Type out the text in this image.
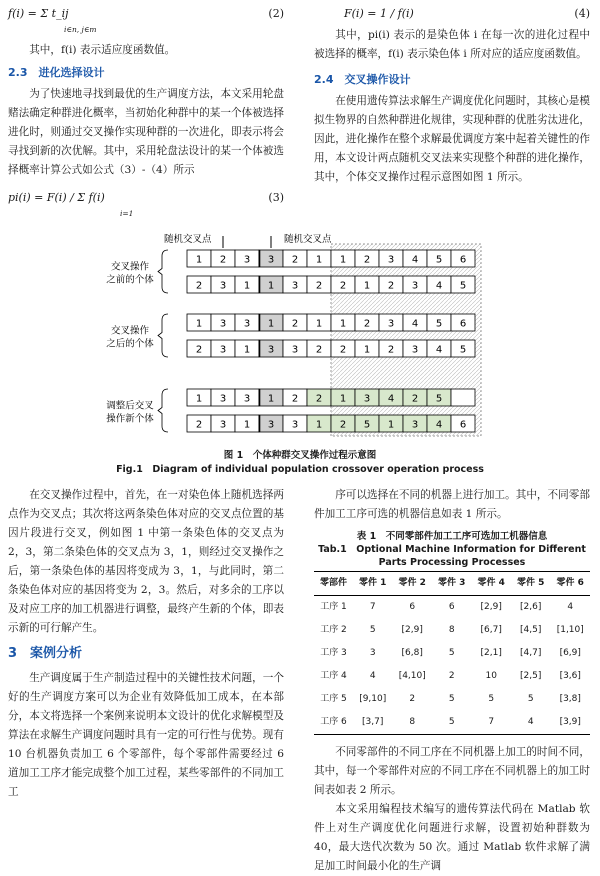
f(i) = Σ t_ij	(2)
i∈n, j∈m

其中，f(i) 表示适应度函数值。

2.3　进化选择设计

为了快速地寻找到最优的生产调度方法，本文采用轮盘赌法确定种群进化概率，当初始化种群中的某一个体被选择进化时，则通过交叉操作实现种群的一次进化，即表示将会寻找到新的次优解。其中，采用轮盘法设计的某一个体被选择概率计算公式如公式（3）-（4）所示

pi(i) = F(i) / Σ f(i)	(3)
i=1
F(i) = 1 / f(i)	(4)

其中，pi(i) 表示的是染色体 i 在每一次的进化过程中被选择的概率，f(i) 表示染色体 i 所对应的适应度函数值。

2.4　交叉操作设计

在使用遗传算法求解生产调度优化问题时，其核心是模拟生物界的自然种群进化规律，实现种群的优胜劣汰进化，因此，进化操作在整个求解最优调度方案中起着关键性的作用，本文设计两点随机交叉法来实现整个种群的进化操作，其中，个体交叉操作过程示意图如图 1 所示。

随机交叉点	随机交叉点
1 2 3 3 2 1 1 2 3 4 5 6
2 3 1 1 3 2 2 1 2 3 4 5
1 3 3 1 2 1 1 2 3 4 5 6
2 3 1 3 3 2 2 1 2 3 4 5
1 3 3 1 2 2 1 3 4 2 5
2 3 1 3 3 1 2 5 1 3 4 6
交叉操作
之前的个体
交叉操作
之后的个体
调整后交叉
操作新个体
图 1　个体种群交叉操作过程示意图
Fig.1　Diagram of individual population crossover operation process

在交叉操作过程中，首先，在一对染色体上随机选择两点作为交叉点；其次将这两条染色体对应的交叉点位置的基因片段进行交叉，例如图 1 中第一条染色体的交叉点为 2，3，第二条染色体的交叉点为 3，1，则经过交叉操作之后，第一条染色体的基因将变成为 3，1，与此同时，第二条染色体对应的基因将变为 2，3。然后，对多余的工序以及对应工序的加工机器进行调整，最终产生新的个体，即表示新的可行解产生。

3　案例分析

生产调度属于生产制造过程中的关键性技术问题，一个好的生产调度方案可以为企业有效降低加工成本，在本部分，本文将选择一个案例来说明本文设计的优化求解模型及算法在求解生产调度问题时具有一定的可行性与优势。现有 10 台机器负责加工 6 个零部件，每个零部件需要经过 6 道加工工序才能完成整个加工过程，某些零部件的不同加工工

序可以选择在不同的机器上进行加工。其中，不同零部件加工工序可选的机器信息如表 1 所示。

表 1　不同零部件加工工序可选加工机器信息
Tab.1　Optional Machine Information for Different
Parts Processing Processes
零部件	零件 1	零件 2	零件 3	零件 4	零件 5	零件 6
工序 1	7	6	6	[2,9]	[2,6]	4
工序 2	5	[2,9]	8	[6,7]	[4,5]	[1,10]
工序 3	3	[6,8]	5	[2,1]	[4,7]	[6,9]
工序 4	4	[4,10]	2	10	[2,5]	[3,6]
工序 5	[9,10]	2	5	5	5	[3,8]
工序 6	[3,7]	8	5	7	4	[3,9]

不同零部件的不同工序在不同机器上加工的时间不同，其中，每一个零部件对应的不同工序在不同机器上的加工时间表如表 2 所示。

本文采用编程技术编写的遗传算法代码在 Matlab 软件上对生产调度优化问题进行求解，设置初始种群数为 40，最大迭代次数为 50 次。通过 Matlab 软件求解了满足加工时间最小化的生产调
